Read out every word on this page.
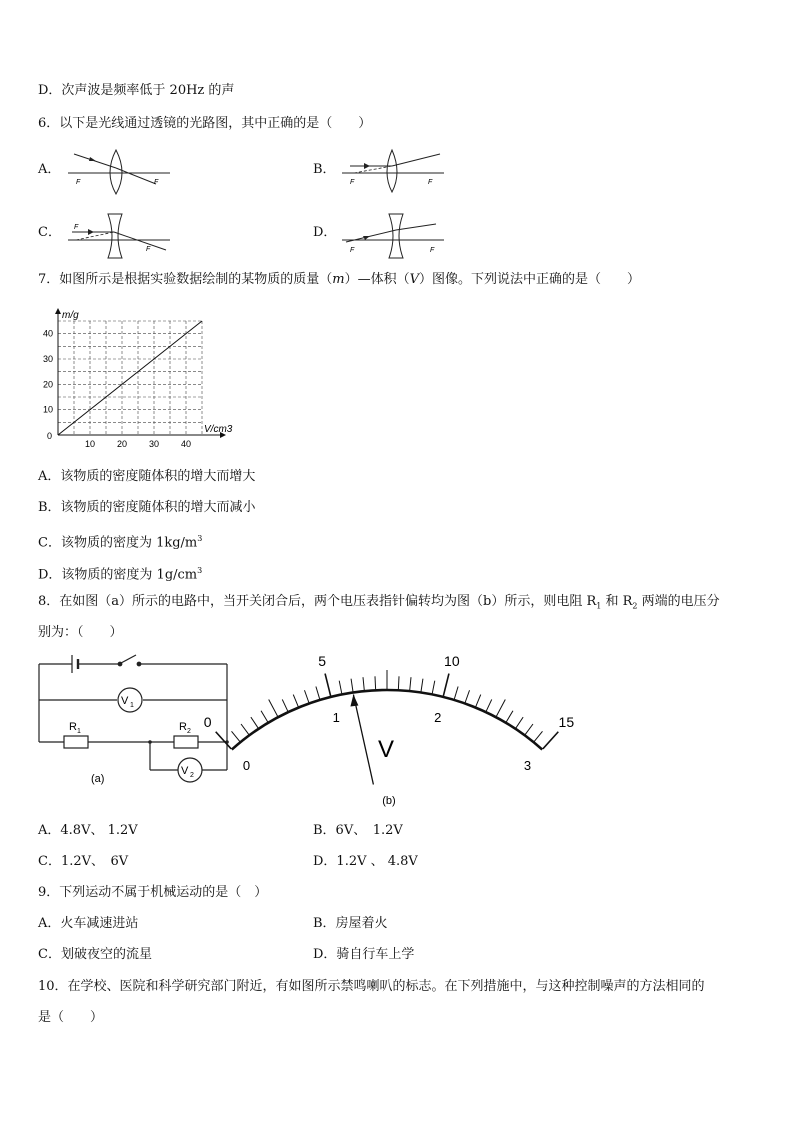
D．次声波是频率低于 20Hz 的声
6．以下是光线通过透镜的光路图，其中正确的是（　　）
A．
F	F
B．
F	F
C． F
F
D．
F	F
7．如图所示是根据实验数据绘制的某物质的质量（m）—体积（V）图像。下列说法中正确的是（　　）
10 20 30 40
10
20
30
40
0
m/g
V/cm3
A．该物质的密度随体积的增大而增大
B．该物质的密度随体积的增大而减小
C．该物质的密度为 $1kg/m^3$
D．该物质的密度为 $1g/cm^3$
8．在如图（a）所示的电路中，当开关闭合后，两个电压表指针偏转均为图（b）所示，则电阻 $R_1$ 和 $R_2$ 两端的电压分
别为：（　　）
V 1
V 2
R 1	R 2
(a)
0
5	10
15
0
1	2
3
V
(b)
A．4.8V、 1.2V	B．6V、　1.2V
C．1.2V、　6V	D．1.2V 、 4.8V
9．下列运动不属于机械运动的是（　）
A．火车减速进站	B．房屋着火
C．划破夜空的流星	D．骑自行车上学
10．在学校、医院和科学研究部门附近，有如图所示禁鸣喇叭的标志。在下列措施中，与这种控制噪声的方法相同的
是（　　）
